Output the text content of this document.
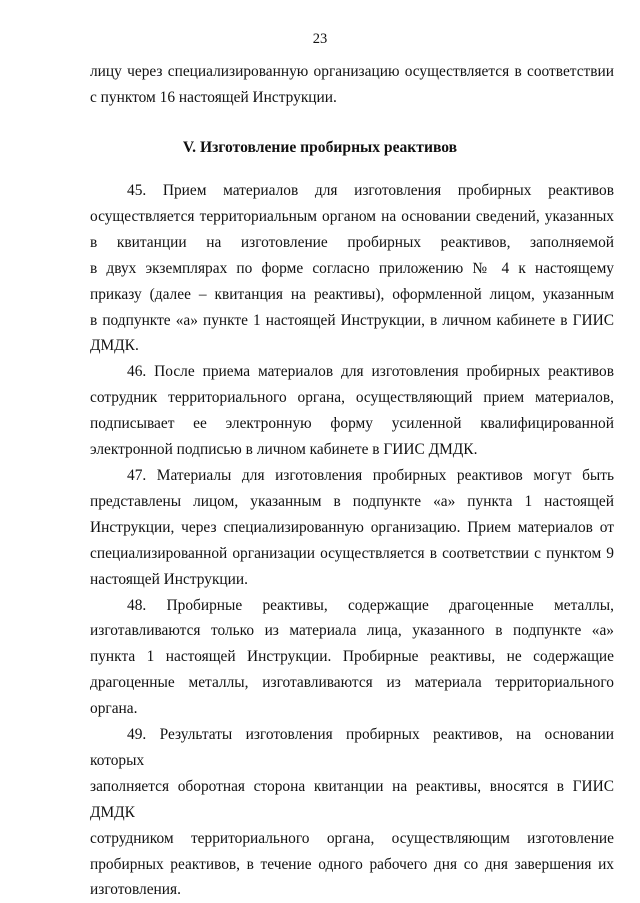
23
лицу через специализированную организацию осуществляется в соответствии
с пунктом 16 настоящей Инструкции.
V. Изготовление пробирных реактивов

45. Прием материалов для изготовления пробирных реактивов
осуществляется территориальным органом на основании сведений, указанных
в квитанции на изготовление пробирных реактивов, заполняемой
в двух экземплярах по форме согласно приложению № 4 к настоящему
приказу (далее – квитанция на реактивы), оформленной лицом, указанным
в подпункте «а» пункте 1 настоящей Инструкции, в личном кабинете в ГИИС
ДМДК.

46. После приема материалов для изготовления пробирных реактивов
сотрудник территориального органа, осуществляющий прием материалов,
подписывает ее электронную форму усиленной квалифицированной
электронной подписью в личном кабинете в ГИИС ДМДК.

47. Материалы для изготовления пробирных реактивов могут быть
представлены лицом, указанным в подпункте «а» пункта 1 настоящей
Инструкции, через специализированную организацию. Прием материалов от
специализированной организации осуществляется в соответствии с пунктом 9
настоящей Инструкции.

48. Пробирные реактивы, содержащие драгоценные металлы,
изготавливаются только из материала лица, указанного в подпункте «а»
пункта 1 настоящей Инструкции. Пробирные реактивы, не содержащие
драгоценные металлы, изготавливаются из материала территориального органа.

49. Результаты изготовления пробирных реактивов, на основании которых
заполняется оборотная сторона квитанции на реактивы, вносятся в ГИИС ДМДК
сотрудником территориального органа, осуществляющим изготовление
пробирных реактивов, в течение одного рабочего дня со дня завершения их
изготовления.
